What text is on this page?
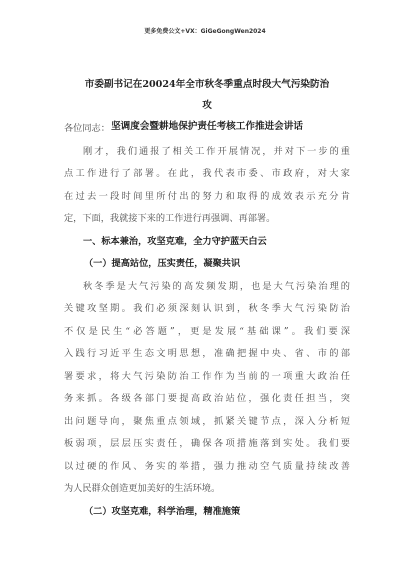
更多免费公文+VX：GiGeGongWen2024
市委副书记在20024年全市秋冬季重点时段大气污染防治攻
坚调度会暨耕地保护责任考核工作推进会讲话
各位同志：
刚才，我们通报了相关工作开展情况，并对下一步的重
点工作进行了部署。在此，我代表市委、市政府，对大家
在过去一段时间里所付出的努力和取得的成效表示充分肯
定，下面，我就接下来的工作进行再强调、再部署。
一、标本兼治，攻坚克难，全力守护蓝天白云
（一）提高站位，压实责任，凝聚共识
秋冬季是大气污染的高发频发期，也是大气污染治理的
关键攻坚期。我们必须深刻认识到，秋冬季大气污染防治
不仅是民生“必答题”，更是发展“基础课”。我们要深
入践行习近平生态文明思想，准确把握中央、省、市的部
署要求，将大气污染防治工作作为当前的一项重大政治任
务来抓。各级各部门要提高政治站位，强化责任担当，突
出问题导向，聚焦重点领域，抓紧关键节点，深入分析短
板弱项，层层压实责任，确保各项措施落到实处。我们要
以过硬的作风、务实的举措，强力推动空气质量持续改善
为人民群众创造更加美好的生活环境。
（二）攻坚克难，科学治理，精准施策
